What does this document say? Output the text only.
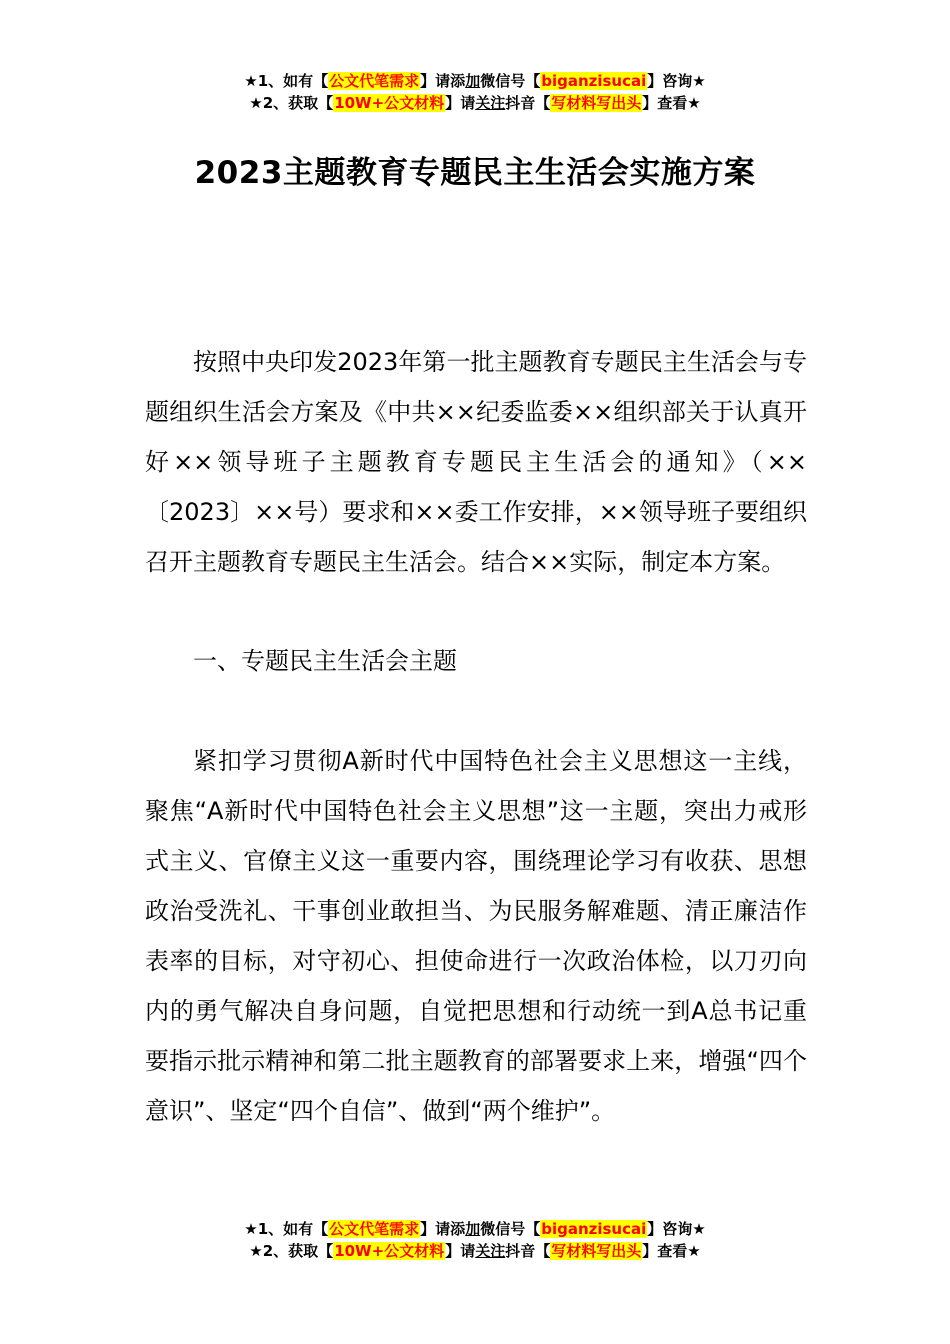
★1、如有【公文代笔需求】请添加微信号【biganzisucai】咨询★
★2、获取【10W+公文材料】请关注抖音【写材料写出头】查看★
2023主题教育专题民主生活会实施方案

按照中央印发2023年第一批主题教育专题民主生活会与专题组织生活会方案及《中共××纪委监委××组织部关于认真开好××领导班子主题教育专题民主生活会的通知》（××〔2023〕××号）要求和××委工作安排，××领导班子要组织召开主题教育专题民主生活会。结合××实际，制定本方案。

一、专题民主生活会主题

紧扣学习贯彻A新时代中国特色社会主义思想这一主线，聚焦“A新时代中国特色社会主义思想”这一主题，突出力戒形式主义、官僚主义这一重要内容，围绕理论学习有收获、思想政治受洗礼、干事创业敢担当、为民服务解难题、清正廉洁作表率的目标，对守初心、担使命进行一次政治体检，以刀刃向内的勇气解决自身问题，自觉把思想和行动统一到A总书记重要指示批示精神和第二批主题教育的部署要求上来，增强“四个意识”、坚定“四个自信”、做到“两个维护”。

★1、如有【公文代笔需求】请添加微信号【biganzisucai】咨询★
★2、获取【10W+公文材料】请关注抖音【写材料写出头】查看★
